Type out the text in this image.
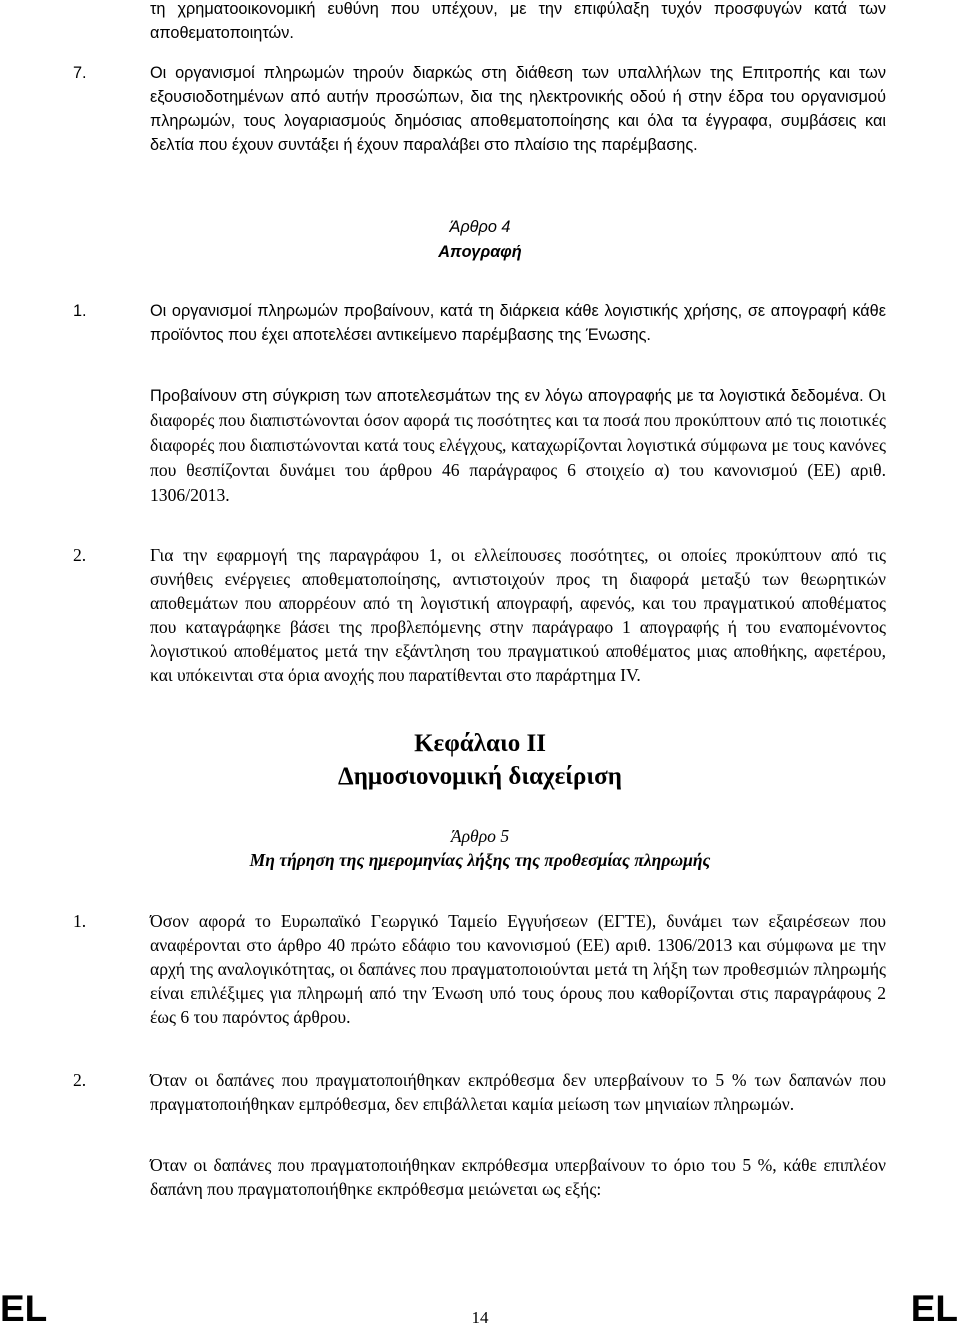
τη χρηματοοικονομική ευθύνη που υπέχουν, με την επιφύλαξη τυχόν προσφυγών κατά των αποθεματοποιητών.

7.	Οι οργανισμοί πληρωμών τηρούν διαρκώς στη διάθεση των υπαλλήλων της Επιτροπής και των εξουσιοδοτημένων από αυτήν προσώπων, δια της ηλεκτρονικής οδού ή στην έδρα του οργανισμού πληρωμών, τους λογαριασμούς δημόσιας αποθεματοποίησης και όλα τα έγγραφα, συμβάσεις και δελτία που έχουν συντάξει ή έχουν παραλάβει στο πλαίσιο της παρέμβασης.

Άρθρο 4
Απογραφή
1.	Οι οργανισμοί πληρωμών προβαίνουν, κατά τη διάρκεια κάθε λογιστικής χρήσης, σε απογραφή κάθε προϊόντος που έχει αποτελέσει αντικείμενο παρέμβασης της Ένωσης.

Προβαίνουν στη σύγκριση των αποτελεσμάτων της εν λόγω απογραφής με τα λογιστικά δεδομένα. Οι διαφορές που διαπιστώνονται όσον αφορά τις ποσότητες και τα ποσά που προκύπτουν από τις ποιοτικές διαφορές που διαπιστώνονται κατά τους ελέγχους, καταχωρίζονται λογιστικά σύμφωνα με τους κανόνες που θεσπίζονται δυνάμει του άρθρου 46 παράγραφος 6 στοιχείο α) του κανονισμού (ΕΕ) αριθ. 1306/2013.

2.	Για την εφαρμογή της παραγράφου 1, οι ελλείπουσες ποσότητες, οι οποίες προκύπτουν από τις συνήθεις ενέργειες αποθεματοποίησης, αντιστοιχούν προς τη διαφορά μεταξύ των θεωρητικών αποθεμάτων που απορρέουν από τη λογιστική απογραφή, αφενός, και του πραγματικού αποθέματος που καταγράφηκε βάσει της προβλεπόμενης στην παράγραφο 1 απογραφής ή του εναπομένοντος λογιστικού αποθέματος μετά την εξάντληση του πραγματικού αποθέματος μιας αποθήκης, αφετέρου, και υπόκεινται στα όρια ανοχής που παρατίθενται στο παράρτημα IV.

Κεφάλαιο II
Δημοσιονομική διαχείριση
Άρθρο 5
Μη τήρηση της ημερομηνίας λήξης της προθεσμίας πληρωμής
1.	Όσον αφορά το Ευρωπαϊκό Γεωργικό Ταμείο Εγγυήσεων (ΕΓΤΕ), δυνάμει των εξαιρέσεων που αναφέρονται στο άρθρο 40 πρώτο εδάφιο του κανονισμού (ΕΕ) αριθ. 1306/2013 και σύμφωνα με την αρχή της αναλογικότητας, οι δαπάνες που πραγματοποιούνται μετά τη λήξη των προθεσμιών πληρωμής είναι επιλέξιμες για πληρωμή από την Ένωση υπό τους όρους που καθορίζονται στις παραγράφους 2 έως 6 του παρόντος άρθρου.

2.	Όταν οι δαπάνες που πραγματοποιήθηκαν εκπρόθεσμα δεν υπερβαίνουν το 5 % των δαπανών που πραγματοποιήθηκαν εμπρόθεσμα, δεν επιβάλλεται καμία μείωση των μηνιαίων πληρωμών.

Όταν οι δαπάνες που πραγματοποιήθηκαν εκπρόθεσμα υπερβαίνουν το όριο του 5 %, κάθε επιπλέον δαπάνη που πραγματοποιήθηκε εκπρόθεσμα μειώνεται ως εξής:

EL	14	EL
